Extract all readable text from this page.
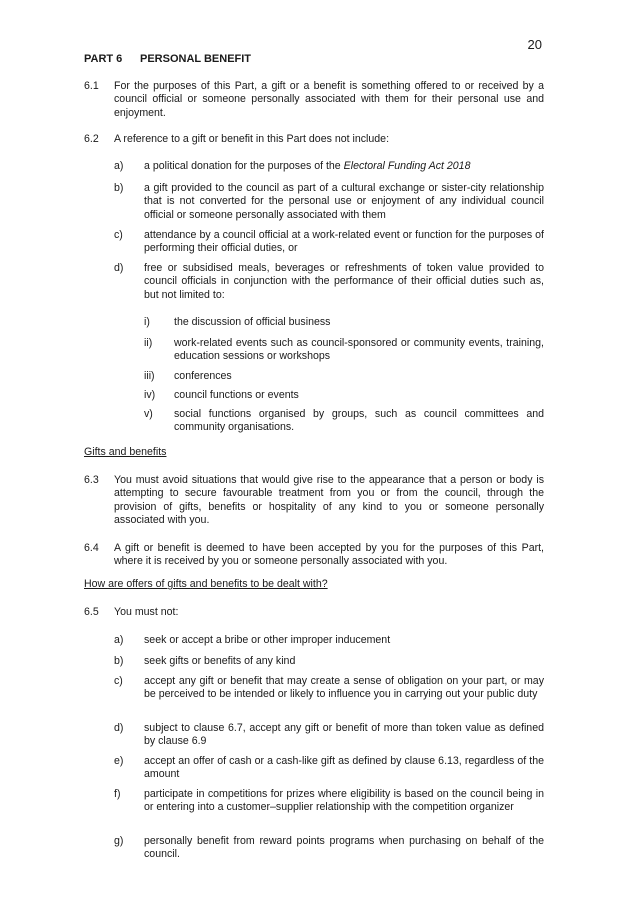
20
PART 6 PERSONAL BENEFIT
6.1 For the purposes of this Part, a gift or a benefit is something offered to or received by a council official or someone personally associated with them for their personal use and enjoyment.
6.2 A reference to a gift or benefit in this Part does not include:
a) a political donation for the purposes of the Electoral Funding Act 2018
b) a gift provided to the council as part of a cultural exchange or sister-city relationship that is not converted for the personal use or enjoyment of any individual council official or someone personally associated with them
c) attendance by a council official at a work-related event or function for the purposes of performing their official duties, or
d) free or subsidised meals, beverages or refreshments of token value provided to council officials in conjunction with the performance of their official duties such as, but not limited to:
i) the discussion of official business
ii) work-related events such as council-sponsored or community events, training, education sessions or workshops
iii) conferences
iv) council functions or events
v) social functions organised by groups, such as council committees and community organisations.
Gifts and benefits
6.3 You must avoid situations that would give rise to the appearance that a person or body is attempting to secure favourable treatment from you or from the council, through the provision of gifts, benefits or hospitality of any kind to you or someone personally associated with you.
6.4 A gift or benefit is deemed to have been accepted by you for the purposes of this Part, where it is received by you or someone personally associated with you.
How are offers of gifts and benefits to be dealt with?
6.5 You must not:
a) seek or accept a bribe or other improper inducement
b) seek gifts or benefits of any kind
c) accept any gift or benefit that may create a sense of obligation on your part, or may be perceived to be intended or likely to influence you in carrying out your public duty
d) subject to clause 6.7, accept any gift or benefit of more than token value as defined by clause 6.9
e) accept an offer of cash or a cash-like gift as defined by clause 6.13, regardless of the amount
f) participate in competitions for prizes where eligibility is based on the council being in or entering into a customer–supplier relationship with the competition organizer
g) personally benefit from reward points programs when purchasing on behalf of the council.
